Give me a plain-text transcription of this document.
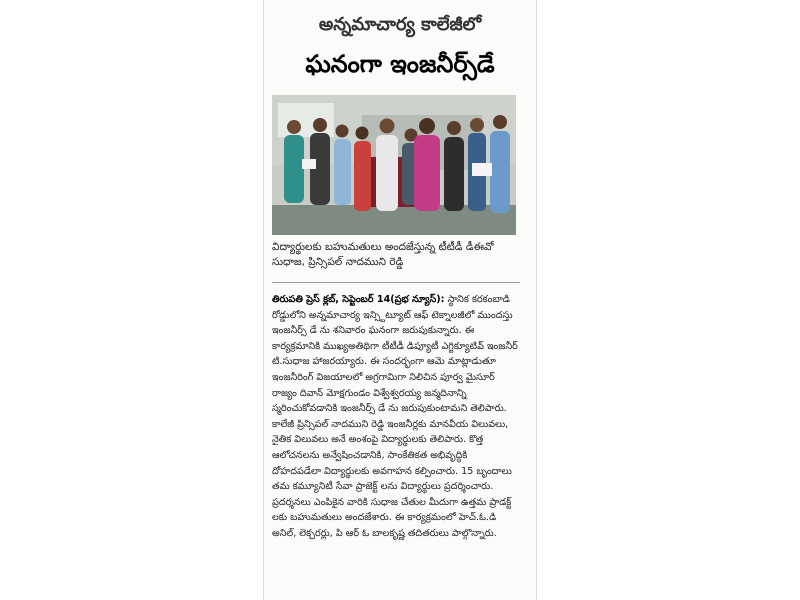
అన్నమాచార్య కాలేజీలో
ఘనంగా ఇంజనీర్స్‌డే
విద్యార్థులకు బహుమతులు అందజేస్తున్న టీటీడీ డీఈవో సుధాజ, ప్రిన్సిపల్ నాదముని రెడ్డి
తిరుపతి ప్రెస్ క్లబ్, సెప్టెంబర్ 14(ప్రభ న్యూస్): స్థానిక కరకంబాడి రోడ్డులోని అన్నమాచార్య ఇన్స్టిట్యూట్ ఆఫ్ టెక్నాలజీలో ముందస్తు ఇంజనీర్స్ డే ను శనివారం ఘనంగా జరుపుకున్నారు. ఈ కార్యక్రమానికి ముఖ్యఅతిథిగా టీటీడీ డిప్యూటీ ఎగ్జిక్యూటివ్ ఇంజనీర్ టి.సుధాజ హాజరయ్యారు. ఈ సందర్భంగా ఆమె మాట్లాడుతూ ఇంజనీరింగ్ విజయాలలో అగ్రగామిగా నిలిచిన పూర్వ మైసూర్ రాజ్యం దివాన్ మోక్షగుండం విశ్వేశ్వరయ్య జన్మదినాన్ని స్మరించుకోవడానికి ఇంజనీర్స్ డే ను జరుపుకుంటామని తెలిపారు. కాలేజీ ప్రిన్సిపల్ నాదముని రెడ్డి ఇంజనీర్లకు మానవీయ విలువలు, నైతిక విలువలు అనే అంశంపై విద్యార్థులకు తెలిపారు. కొత్త ఆలోచనలను అన్వేషించడానికి, సాంకేతికత అభివృద్ధికి దోహదపడేలా విద్యార్థులకు అవగాహన కల్పించారు. 15 బృందాలు తమ కమ్యూనిటీ సేవా ప్రాజెక్ట్ లను విద్యార్థులు ప్రదర్శించారు. ప్రదర్శనలు ఎంపికైన వారికి సుధాజ చేతుల మీదుగా ఉత్తమ ప్రాడక్ట్ లకు బహుమతులు అందజేశారు. ఈ కార్యక్రమంలో హెచ్.ఓ.డి అనిల్, లెక్చరర్లు, పి ఆర్ ఓ బాలకృష్ణ తదితరులు పాల్గొన్నారు.
